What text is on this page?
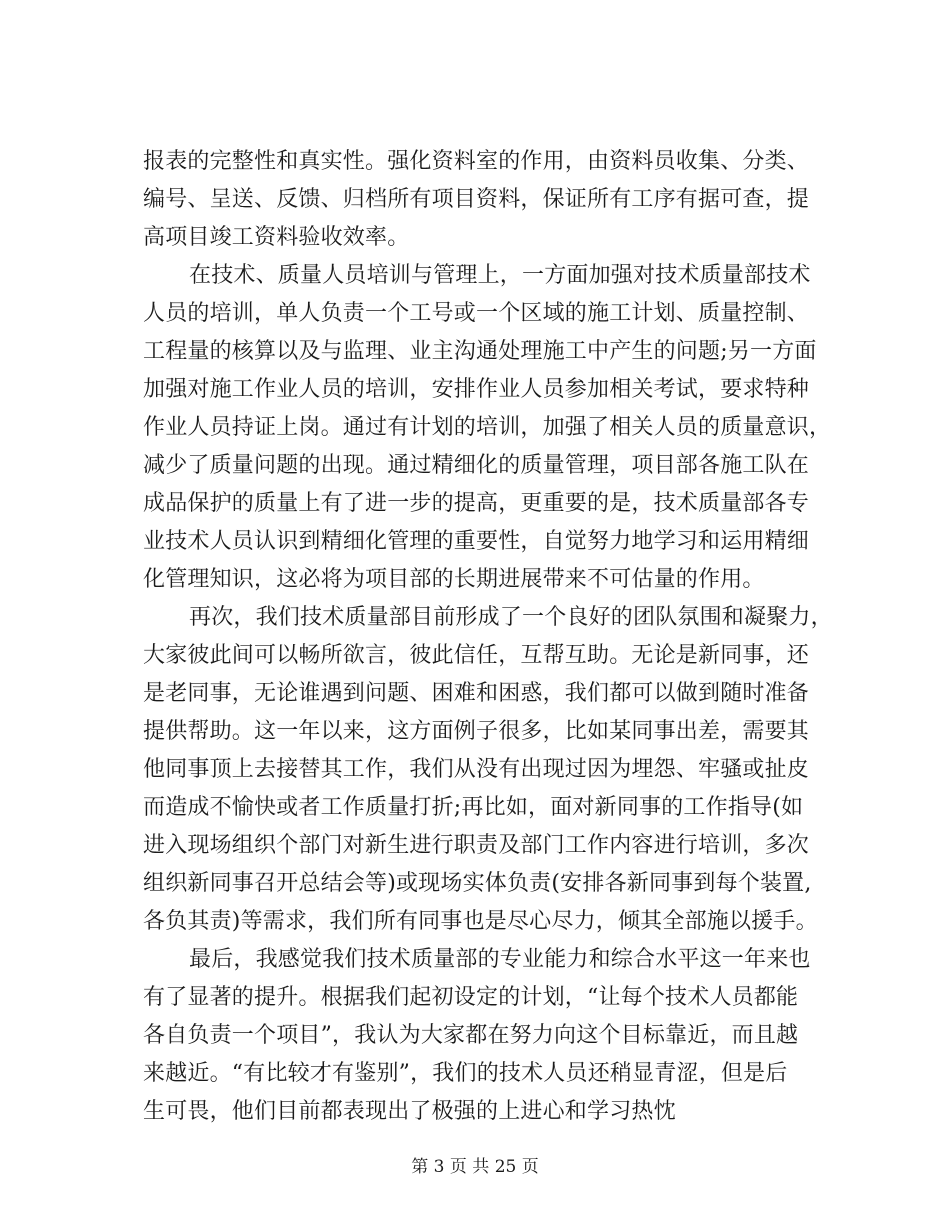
报表的完整性和真实性。强化资料室的作用，由资料员收集、分类、
编号、呈送、反馈、归档所有项目资料，保证所有工序有据可查，提
高项目竣工资料验收效率。
在技术、质量人员培训与管理上，一方面加强对技术质量部技术
人员的培训，单人负责一个工号或一个区域的施工计划、质量控制、
工程量的核算以及与监理、业主沟通处理施工中产生的问题;另一方面
加强对施工作业人员的培训，安排作业人员参加相关考试，要求特种
作业人员持证上岗。通过有计划的培训，加强了相关人员的质量意识，
减少了质量问题的出现。通过精细化的质量管理，项目部各施工队在
成品保护的质量上有了进一步的提高，更重要的是，技术质量部各专
业技术人员认识到精细化管理的重要性，自觉努力地学习和运用精细
化管理知识，这必将为项目部的长期进展带来不可估量的作用。
再次，我们技术质量部目前形成了一个良好的团队氛围和凝聚力，
大家彼此间可以畅所欲言，彼此信任，互帮互助。无论是新同事，还
是老同事，无论谁遇到问题、困难和困惑，我们都可以做到随时准备
提供帮助。这一年以来，这方面例子很多，比如某同事出差，需要其
他同事顶上去接替其工作，我们从没有出现过因为埋怨、牢骚或扯皮
而造成不愉快或者工作质量打折;再比如，面对新同事的工作指导(如
进入现场组织个部门对新生进行职责及部门工作内容进行培训，多次
组织新同事召开总结会等)或现场实体负责(安排各新同事到每个装置,
各负其责)等需求，我们所有同事也是尽心尽力，倾其全部施以援手。
最后，我感觉我们技术质量部的专业能力和综合水平这一年来也
有了显著的提升。根据我们起初设定的计划，“让每个技术人员都能
各自负责一个项目”，我认为大家都在努力向这个目标靠近，而且越
来越近。“有比较才有鉴别”，我们的技术人员还稍显青涩，但是后
生可畏，他们目前都表现出了极强的上进心和学习热忱
第 3 页 共 25 页
